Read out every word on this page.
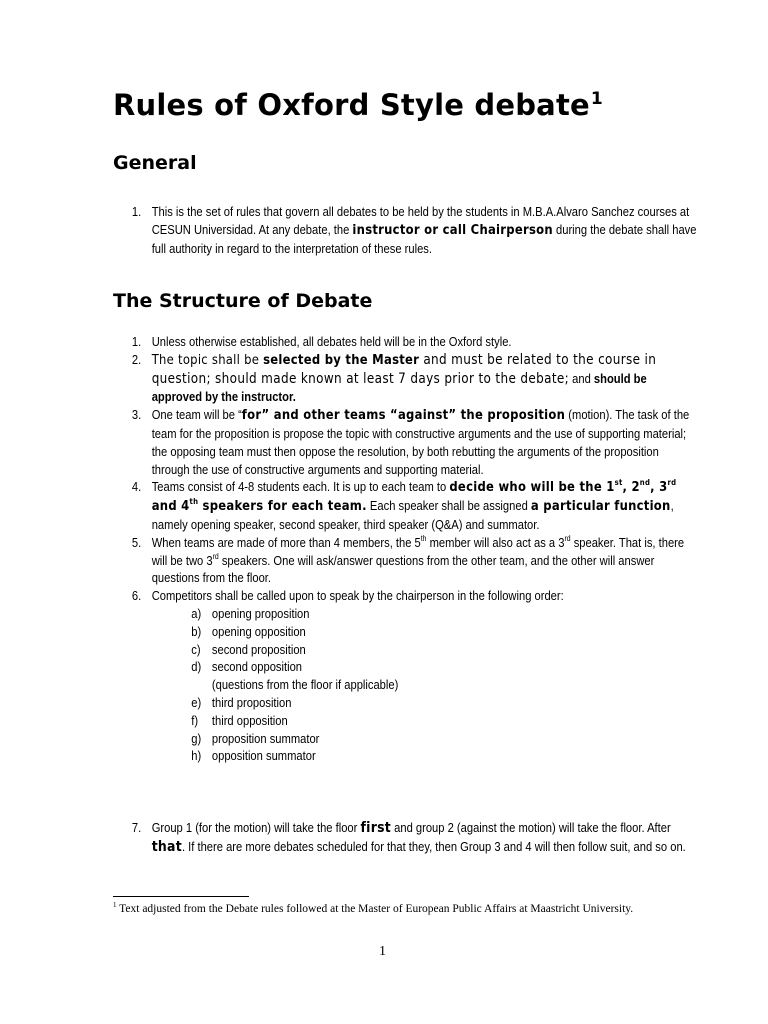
Rules of Oxford Style debate$^1$
General
1. This is the set of rules that govern all debates to be held by the students in M.B.A.Alvaro Sanchez courses at CESUN Universidad. At any debate, the instructor or call Chairperson during the debate shall have full authority in regard to the interpretation of these rules.
The Structure of Debate
1. Unless otherwise established, all debates held will be in the Oxford style.
2. The topic shall be selected by the Master and must be related to the course in question; should made known at least 7 days prior to the debate; and should be approved by the instructor.
3. One team will be “for” and other teams “against” the proposition (motion). The task of the team for the proposition is propose the topic with constructive arguments and the use of supporting material; the opposing team must then oppose the resolution, by both rebutting the arguments of the proposition through the use of constructive arguments and supporting material.
4. Teams consist of 4-8 students each. It is up to each team to decide who will be the 1st, 2nd, 3rd and 4th speakers for each team. Each speaker shall be assigned a particular function, namely opening speaker, second speaker, third speaker (Q&A) and summator.
5. When teams are made of more than 4 members, the 5th member will also act as a 3rd speaker. That is, there will be two 3rd speakers. One will ask/answer questions from the other team, and the other will answer questions from the floor.
6. Competitors shall be called upon to speak by the chairperson in the following order:
a) opening proposition
b) opening opposition
c) second proposition
d) second opposition
(questions from the floor if applicable)
e) third proposition
f) third opposition
g) proposition summator
h) opposition summator
7. Group 1 (for the motion) will take the floor first and group 2 (against the motion) will take the floor. After that. If there are more debates scheduled for that they, then Group 3 and 4 will then follow suit, and so on.
$^1$ Text adjusted from the Debate rules followed at the Master of European Public Affairs at Maastricht University.
1
